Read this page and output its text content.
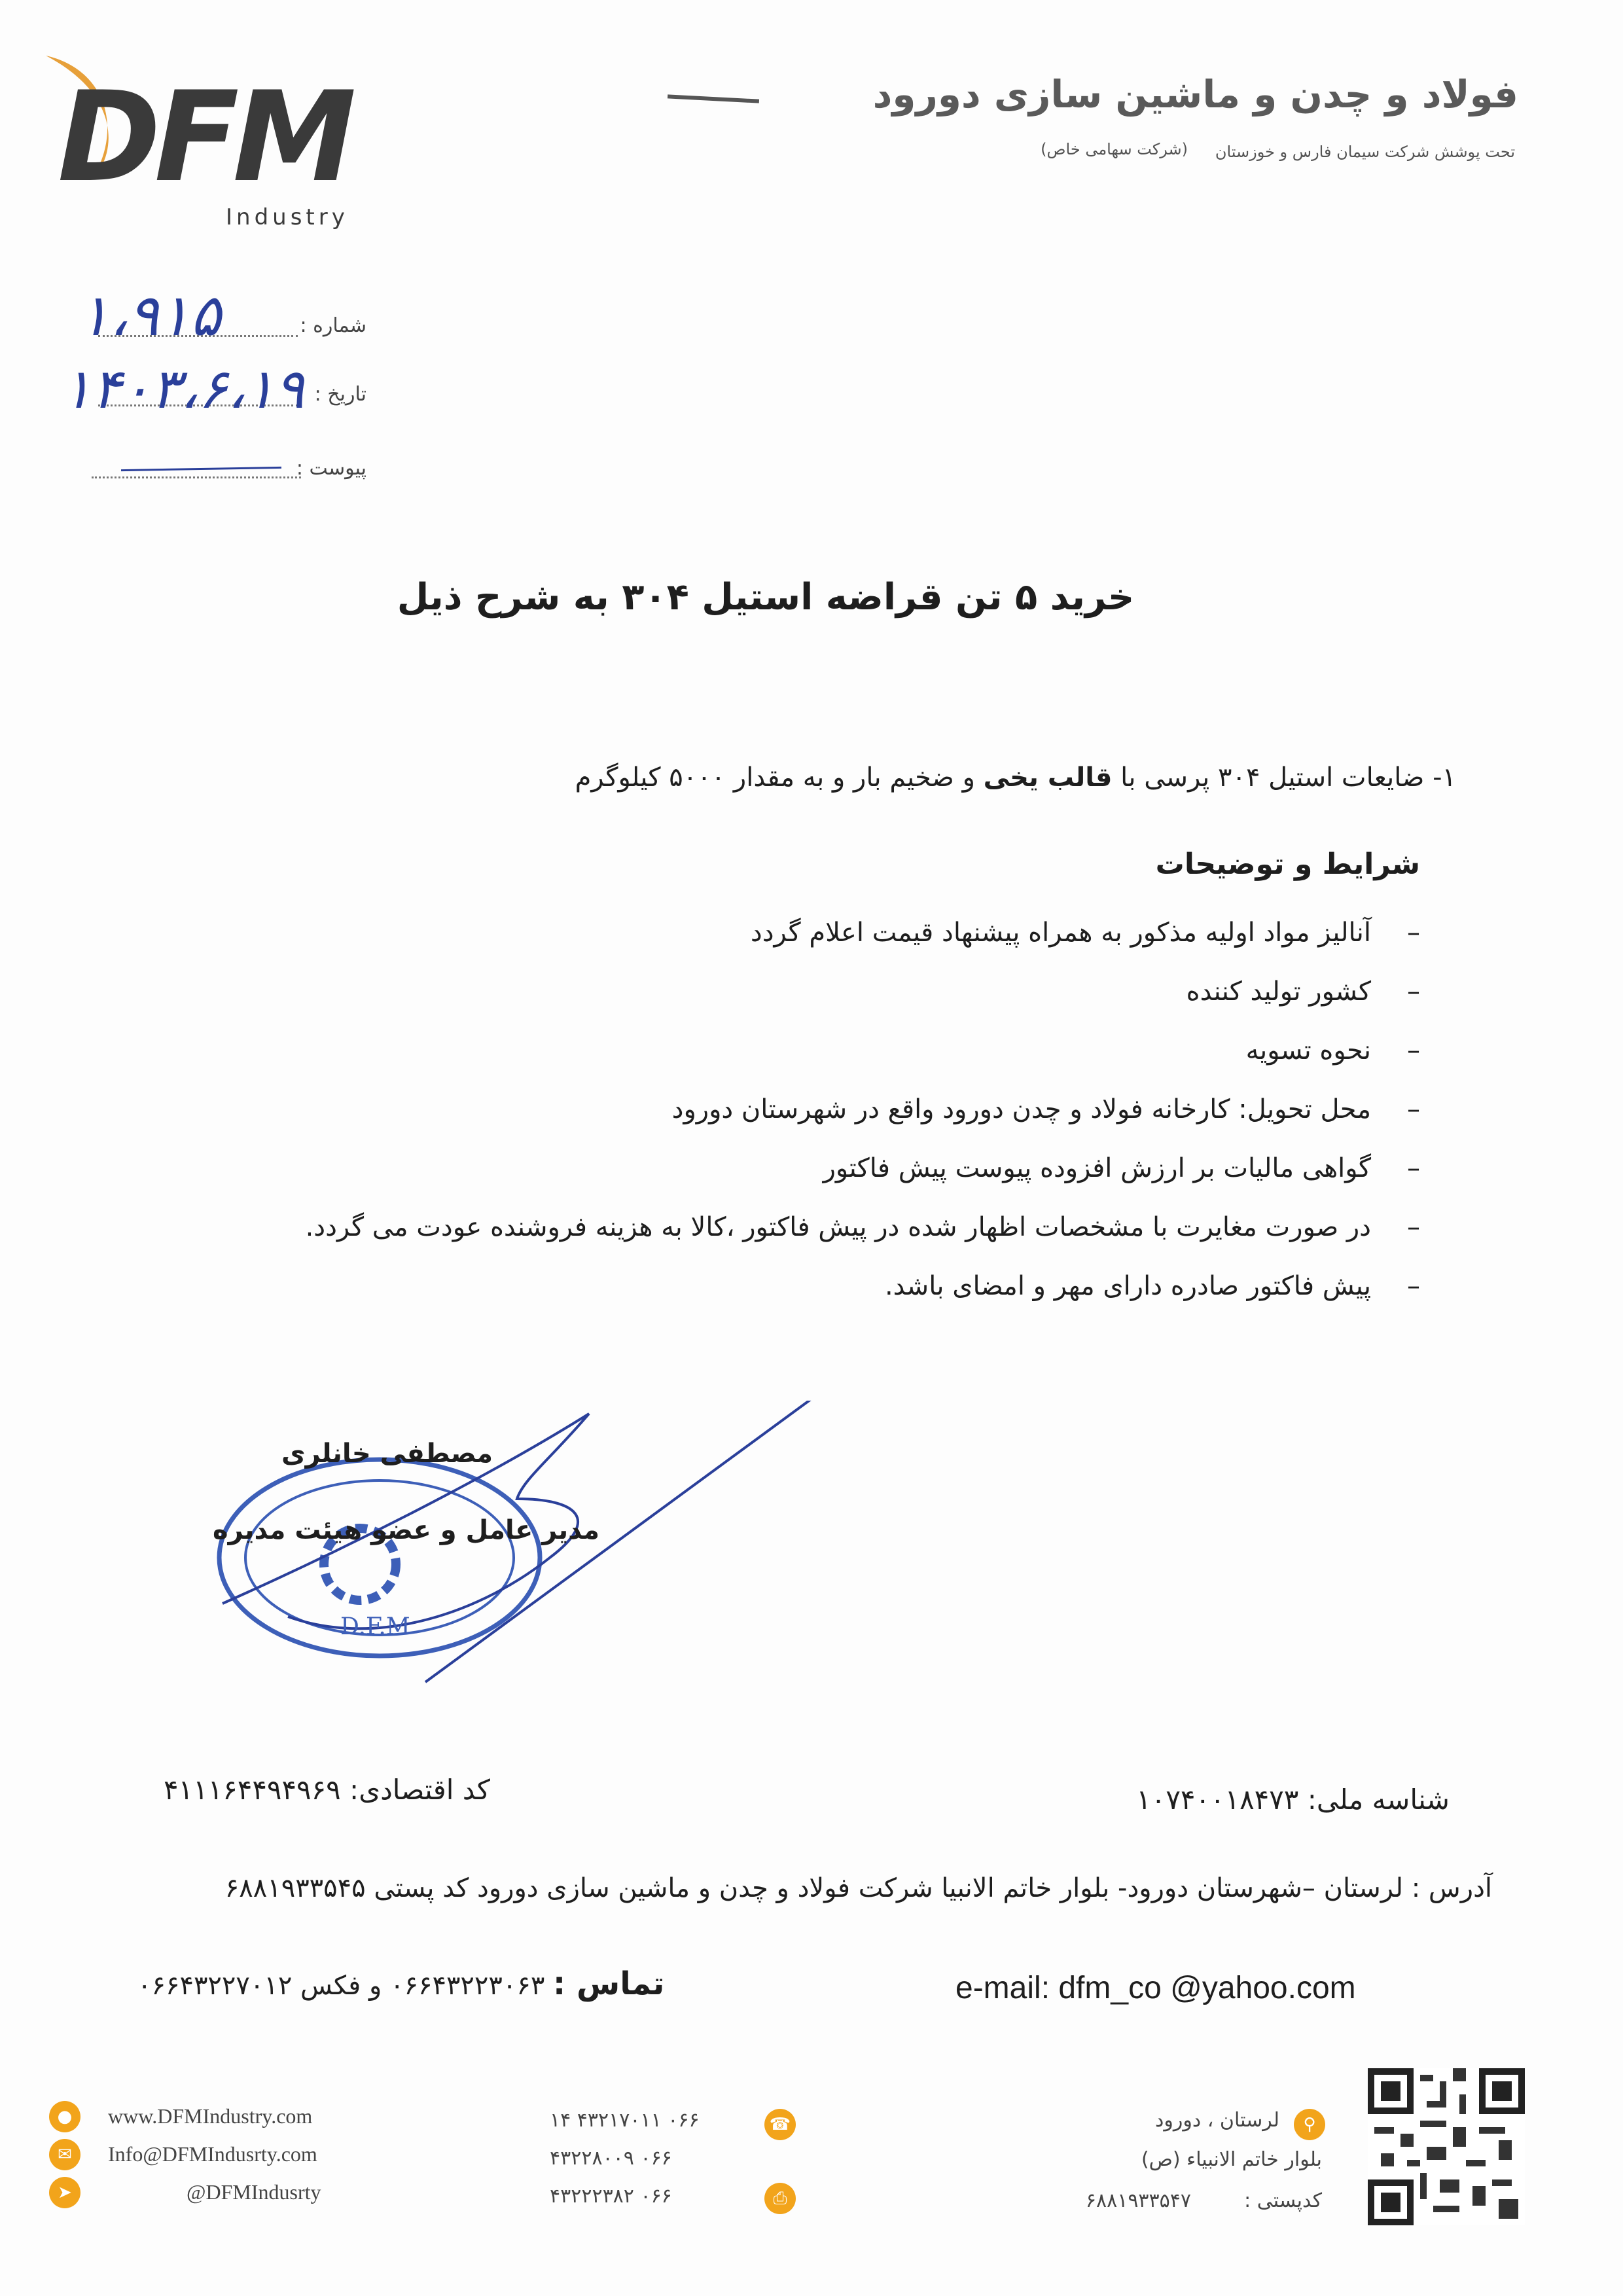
DFM
Industry
فولاد و چدن و ماشین سازی دورود
تحت پوشش شرکت سیمان فارس و خوزستان
(شرکت سهامی خاص)
شماره :
۱،۹۱۵
تاریخ :
۱۴۰۳،۶،۱۹
پیوست :
خرید ۵ تن قراضه استیل ۳۰۴ به شرح ذیل
۱- ضایعات استیل ۳۰۴ پرسی با قالب یخی و ضخیم بار و به مقدار ۵۰۰۰ کیلوگرم
شرایط و توضیحات
– آنالیز مواد اولیه مذکور به همراه پیشنهاد قیمت اعلام گردد
– کشور تولید کننده
– نحوه تسویه
– محل تحویل: کارخانه فولاد و چدن دورود واقع در شهرستان دورود
– گواهی مالیات بر ارزش افزوده پیوست پیش فاکتور
– در صورت مغایرت با مشخصات اظهار شده در پیش فاکتور ،کالا به هزینه فروشنده عودت می گردد.
– پیش فاکتور صادره دارای مهر و امضای باشد.
D.F.M
مصطفی خانلری
مدیر عامل و عضو هیئت مدیره
کد اقتصادی: ۴۱۱۱۶۴۴۹۴۹۶۹	شناسه ملی: ۱۰۷۴۰۰۱۸۴۷۳
آدرس : لرستان –شهرستان دورود- بلوار خاتم الانبیا شرکت فولاد و چدن و ماشین سازی دورود کد پستی ۶۸۸۱۹۳۳۵۴۵
تماس : ۰۶۶۴۳۲۲۳۰۶۳ و فکس ۰۶۶۴۳۲۲۷۰۱۲	e-mail: dfm_co @yahoo.com
●	www.DFMIndustry.com
✉	Info@DFMIndusrty.com
➤	@DFMIndusrty
۰۶۶ ۴۳۲۱۷۰۱۱ ۱۴
۰۶۶ ۴۳۲۲۸۰۰۹
۰۶۶ ۴۳۲۲۲۳۸۲
☎
⎙
⚲
لرستان ، دورود
بلوار خاتم الانبیاء (ص)
کدپستی :
۶۸۸۱۹۳۳۵۴۷
